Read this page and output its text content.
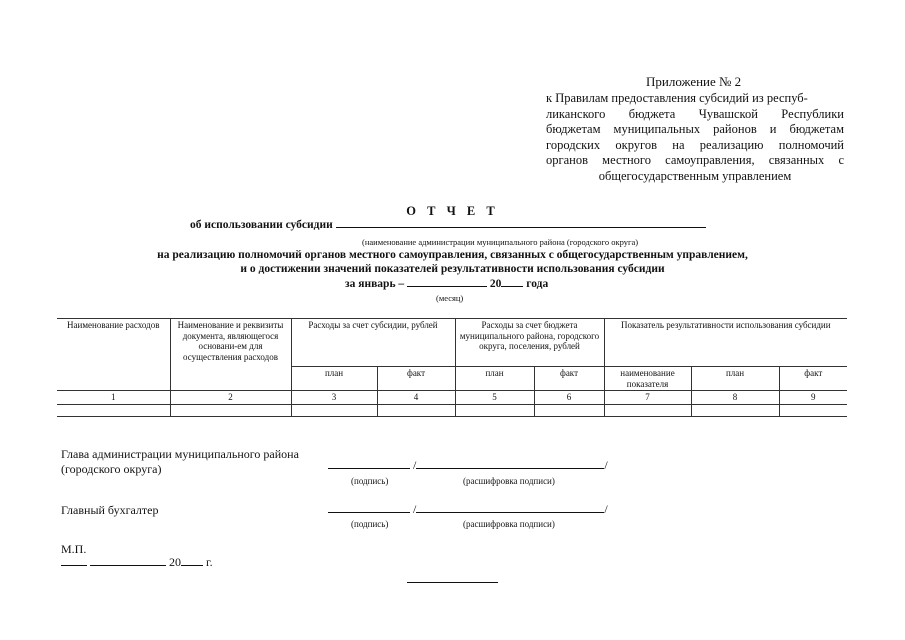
Приложение № 2
к Правилам предоставления субсидий из респуб-

ликанского бюджета Чувашской Республики
бюджетам муниципальных районов и бюджетам
городских округов на реализацию полномочий
органов местного самоуправления, связанных с
общегосударственным управлением
О Т Ч Е Т
об использовании субсидии
(наименование администрации муниципального района (городского округа)
на реализацию полномочий органов местного самоуправления, связанных с общегосударственным управлением,
и о достижении значений показателей результативности использования субсидии
за январь –	20 года
(месяц)
Наименование расходов	Наименование и реквизиты документа, являющегося основани-ем для осуществления расходов	Расходы за счет субсидии, рублей		Расходы за счет бюджета муниципального района, городского округа, поселения, рублей		Показатель результативности использования субсидии		
		план	факт	план	факт	наименование показателя	план	факт
1	2	3	4	5	6	7	8	9

Глава администрации муниципального района
(городского округа)	/	/
(подпись)	(расшифровка подписи)
Главный бухгалтер	/	/
(подпись)	(расшифровка подписи)
М.П.
20 г.
